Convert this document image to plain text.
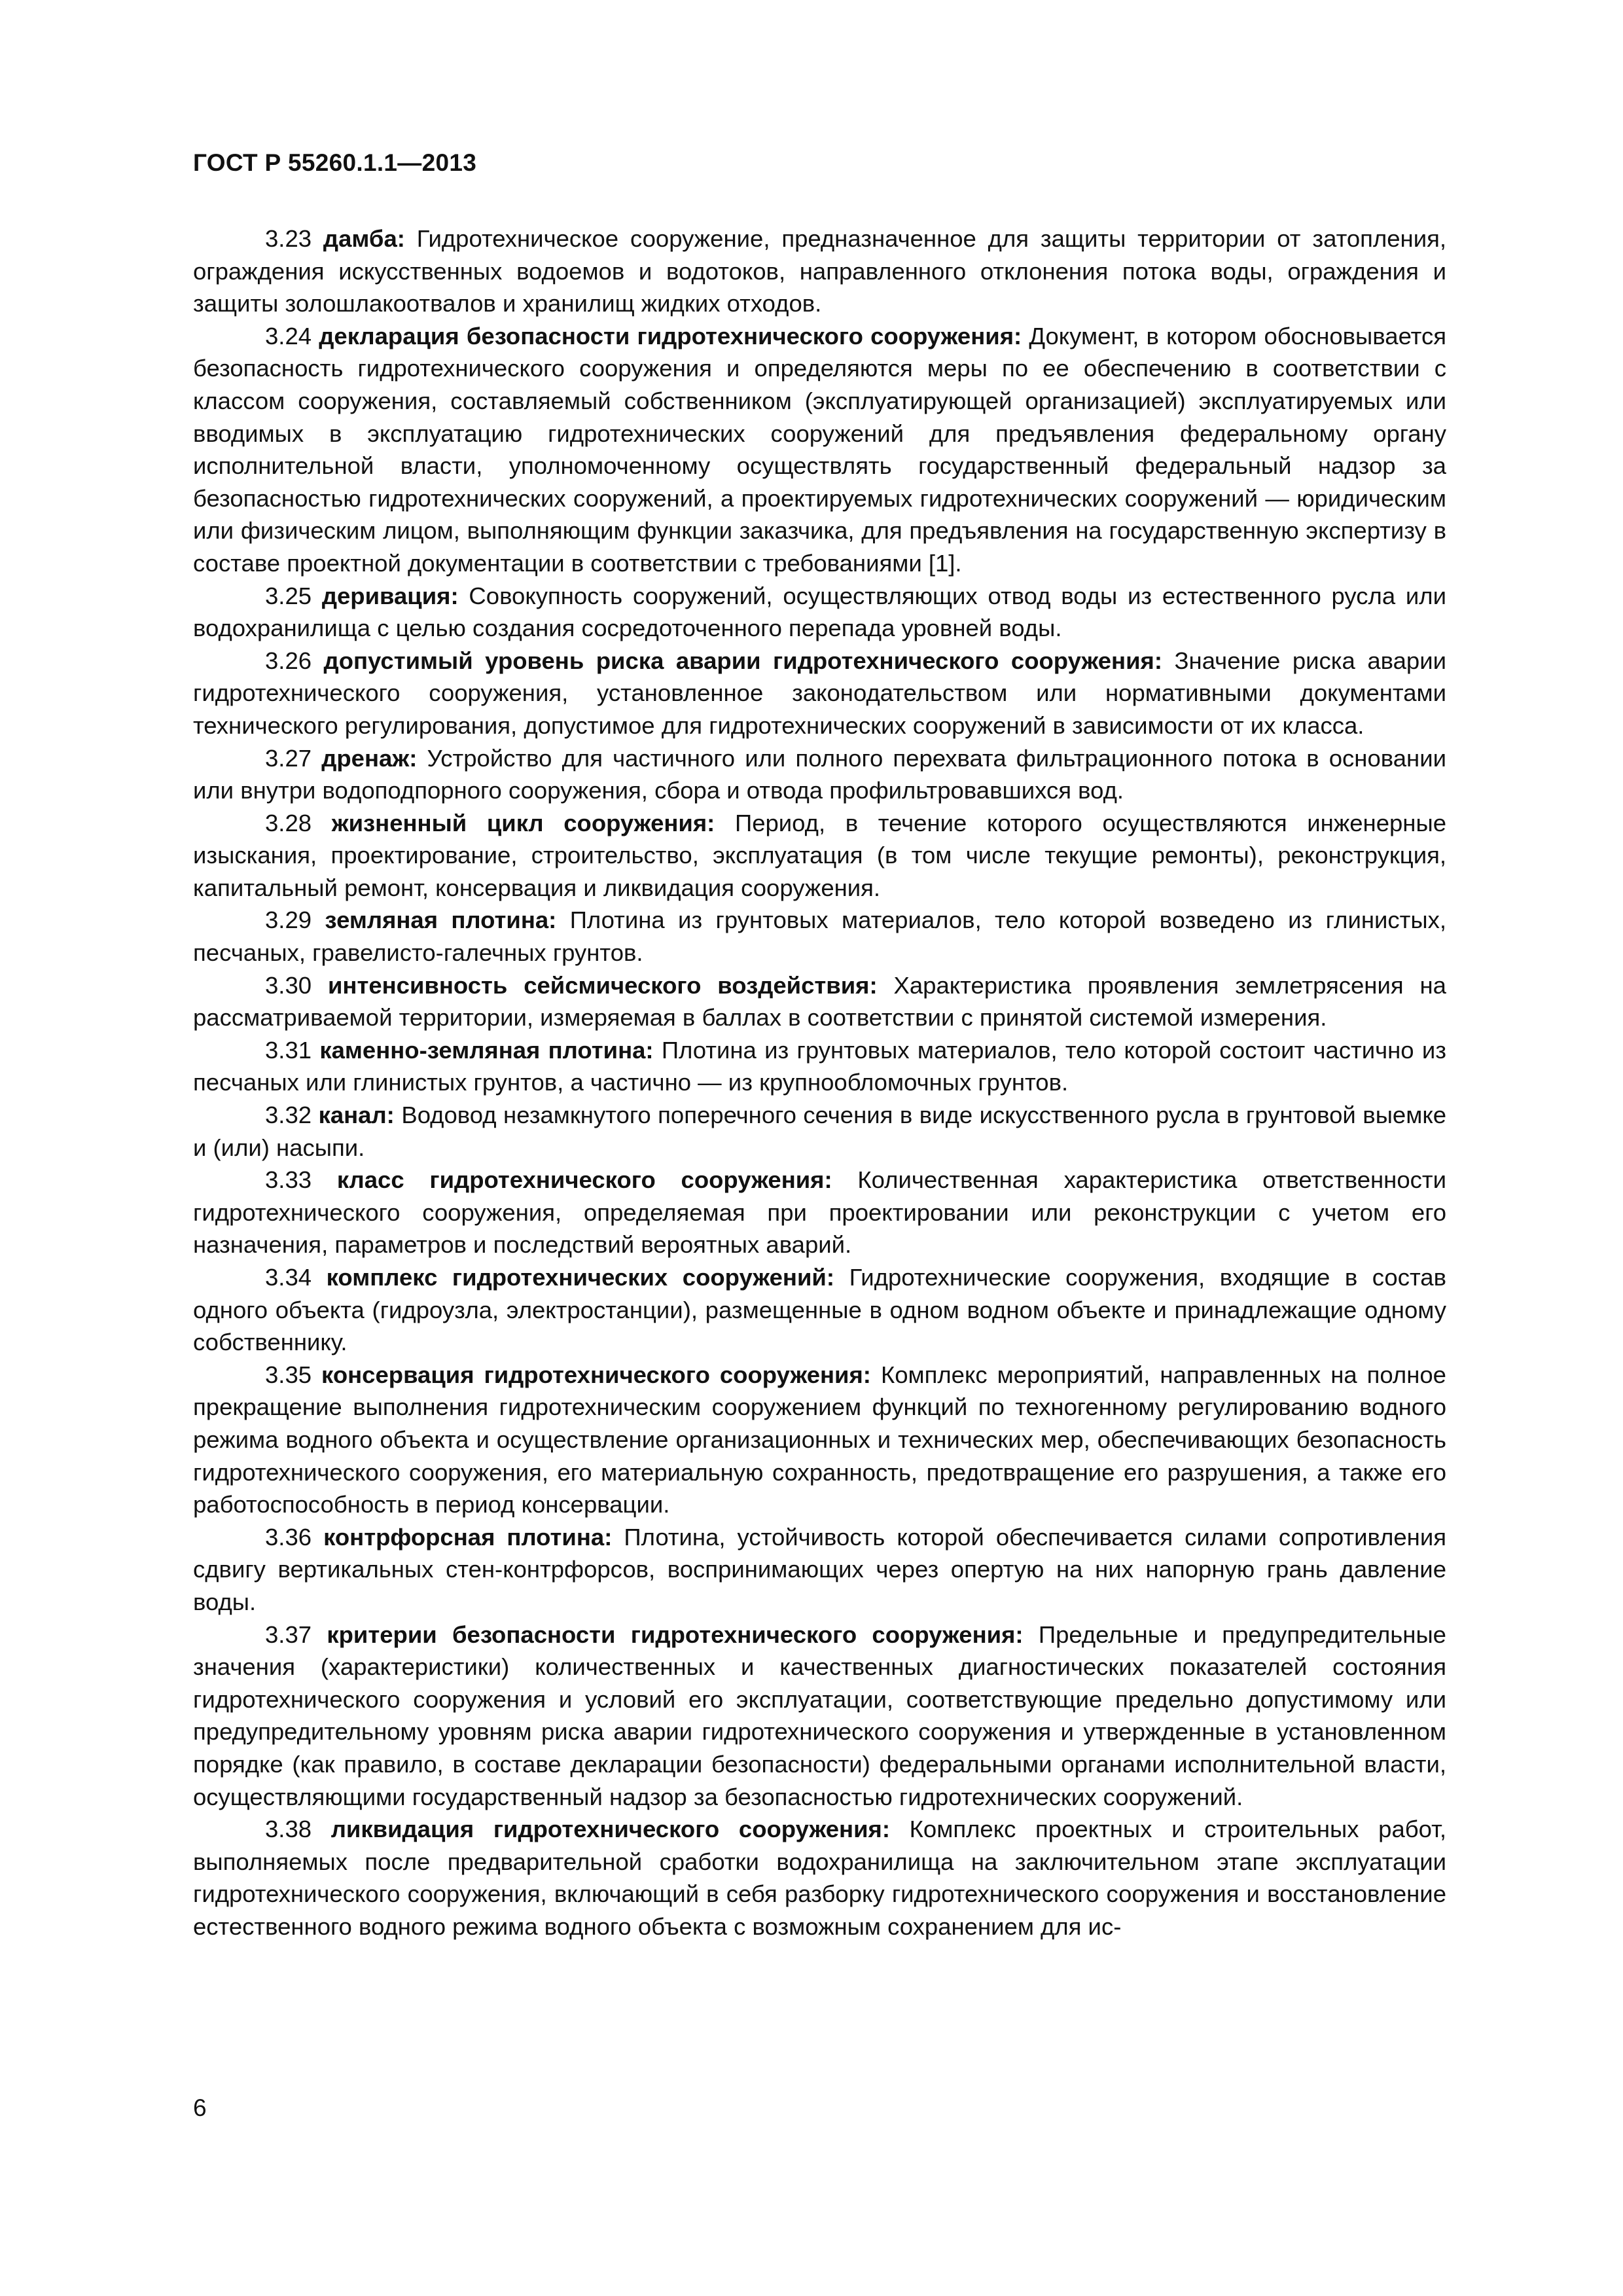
ГОСТ Р 55260.1.1—2013

3.23 дамба: Гидротехническое сооружение, предназначенное для защиты территории от затопления, ограждения искусственных водоемов и водотоков, направленного отклонения потока воды, ограждения и защиты золошлакоотвалов и хранилищ жидких отходов.

3.24 декларация безопасности гидротехнического сооружения: Документ, в котором обосновывается безопасность гидротехнического сооружения и определяются меры по ее обеспечению в соответствии с классом сооружения, составляемый собственником (эксплуатирующей организацией) эксплуатируемых или вводимых в эксплуатацию гидротехнических сооружений для предъявления федеральному органу исполнительной власти, уполномоченному осуществлять государственный федеральный надзор за безопасностью гидротехнических сооружений, а проектируемых гидротехнических сооружений — юридическим или физическим лицом, выполняющим функции заказчика, для предъявления на государственную экспертизу в составе проектной документации в соответствии с требованиями [1].

3.25 деривация: Совокупность сооружений, осуществляющих отвод воды из естественного русла или водохранилища с целью создания сосредоточенного перепада уровней воды.

3.26 допустимый уровень риска аварии гидротехнического сооружения: Значение риска аварии гидротехнического сооружения, установленное законодательством или нормативными документами технического регулирования, допустимое для гидротехнических сооружений в зависимости от их класса.

3.27 дренаж: Устройство для частичного или полного перехвата фильтрационного потока в основании или внутри водоподпорного сооружения, сбора и отвода профильтровавшихся вод.

3.28 жизненный цикл сооружения: Период, в течение которого осуществляются инженерные изыскания, проектирование, строительство, эксплуатация (в том числе текущие ремонты), реконструкция, капитальный ремонт, консервация и ликвидация сооружения.

3.29 земляная плотина: Плотина из грунтовых материалов, тело которой возведено из глинистых, песчаных, гравелисто-галечных грунтов.

3.30 интенсивность сейсмического воздействия: Характеристика проявления землетрясения на рассматриваемой территории, измеряемая в баллах в соответствии с принятой системой измерения.

3.31 каменно-земляная плотина: Плотина из грунтовых материалов, тело которой состоит частично из песчаных или глинистых грунтов, а частично — из крупнообломочных грунтов.

3.32 канал: Водовод незамкнутого поперечного сечения в виде искусственного русла в грунтовой выемке и (или) насыпи.

3.33 класс гидротехнического сооружения: Количественная характеристика ответственности гидротехнического сооружения, определяемая при проектировании или реконструкции с учетом его назначения, параметров и последствий вероятных аварий.

3.34 комплекс гидротехнических сооружений: Гидротехнические сооружения, входящие в состав одного объекта (гидроузла, электростанции), размещенные в одном водном объекте и принадлежащие одному собственнику.

3.35 консервация гидротехнического сооружения: Комплекс мероприятий, направленных на полное прекращение выполнения гидротехническим сооружением функций по техногенному регулированию водного режима водного объекта и осуществление организационных и технических мер, обеспечивающих безопасность гидротехнического сооружения, его материальную сохранность, предотвращение его разрушения, а также его работоспособность в период консервации.

3.36 контрфорсная плотина: Плотина, устойчивость которой обеспечивается силами сопротивления сдвигу вертикальных стен-контрфорсов, воспринимающих через опертую на них напорную грань давление воды.

3.37 критерии безопасности гидротехнического сооружения: Предельные и предупредительные значения (характеристики) количественных и качественных диагностических показателей состояния гидротехнического сооружения и условий его эксплуатации, соответствующие предельно допустимому или предупредительному уровням риска аварии гидротехнического сооружения и утвержденные в установленном порядке (как правило, в составе декларации безопасности) федеральными органами исполнительной власти, осуществляющими государственный надзор за безопасностью гидротехнических сооружений.

3.38 ликвидация гидротехнического сооружения: Комплекс проектных и строительных работ, выполняемых после предварительной сработки водохранилища на заключительном этапе эксплуатации гидротехнического сооружения, включающий в себя разборку гидротехнического сооружения и восстановление естественного водного режима водного объекта с возможным сохранением для ис-

6
